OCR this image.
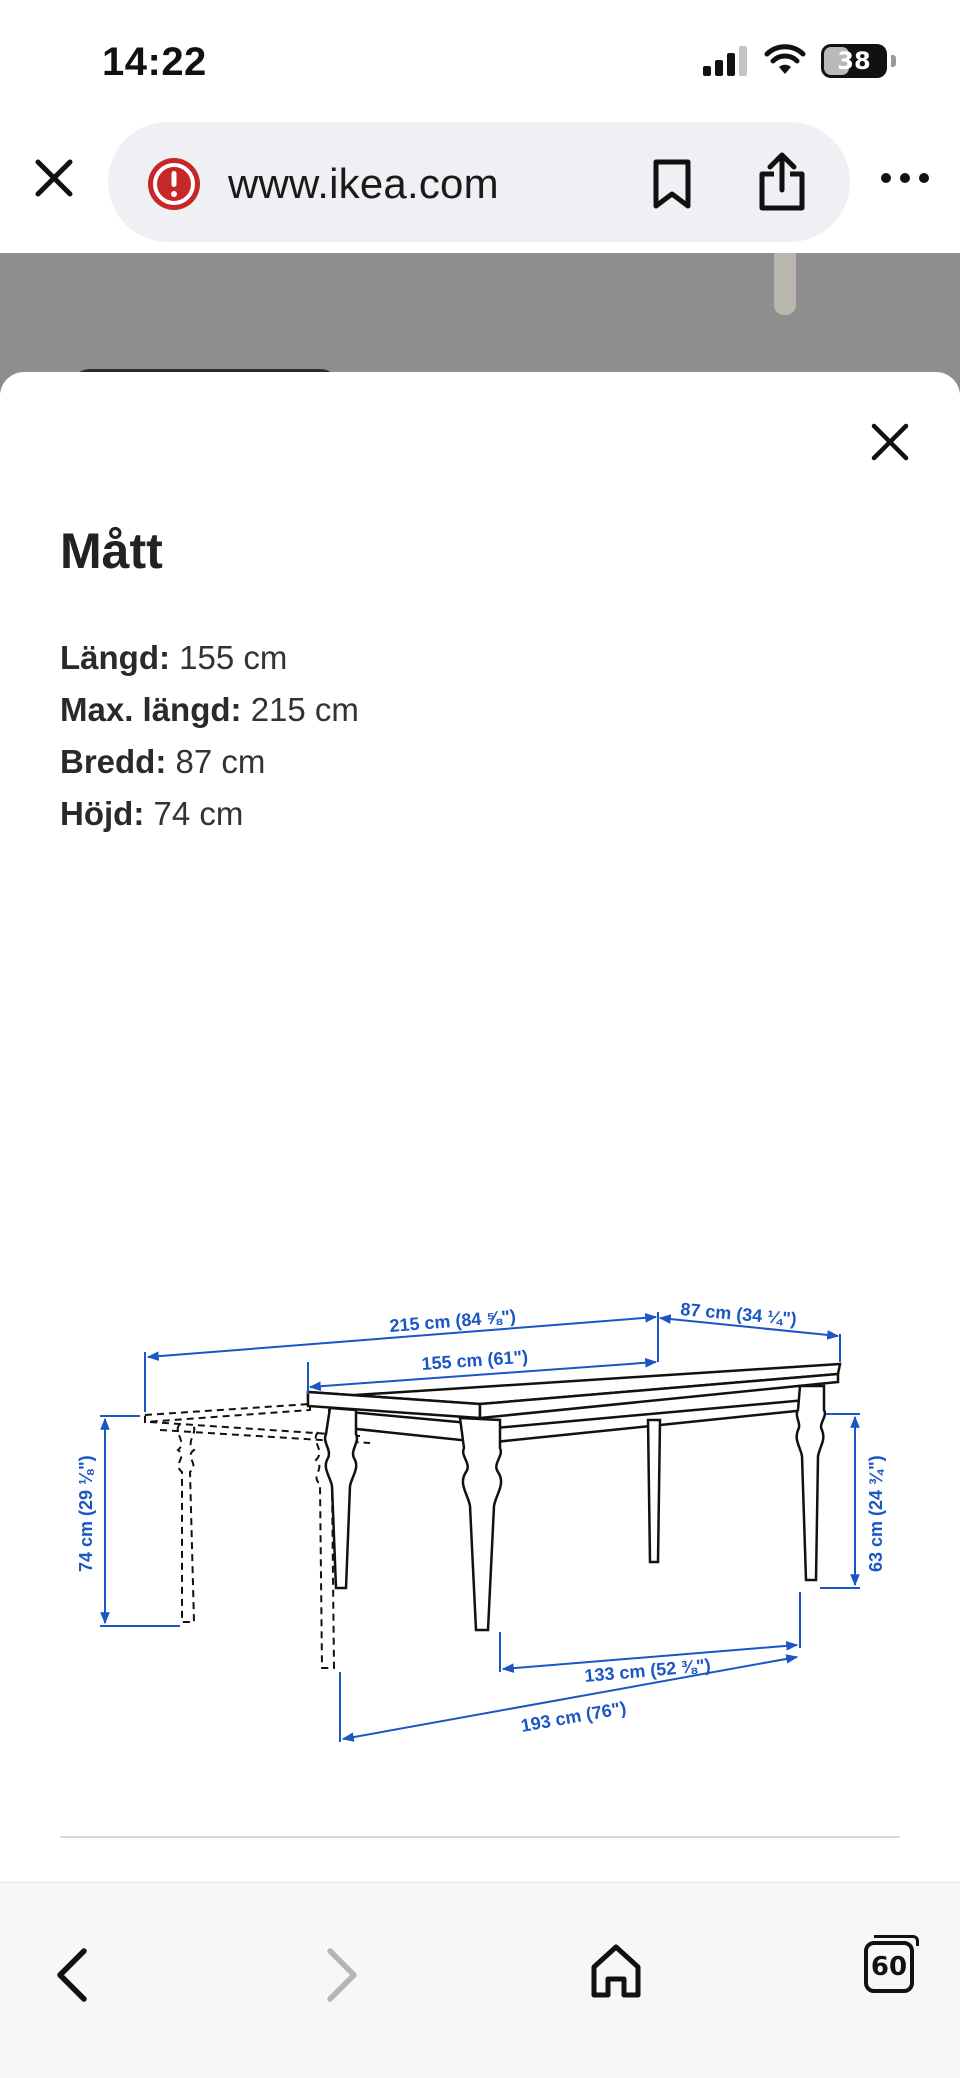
14:22	38
www.ikea.com
Mått
Längd: 155 cm
Max. längd: 215 cm
Bredd: 87 cm
Höjd: 74 cm
215 cm (84 ⅝")
155 cm (61")
87 cm (34 ¼")
74 cm (29 ⅛")	63 cm (24 ¾")
133 cm (52 ⅜")
193 cm (76")
60
